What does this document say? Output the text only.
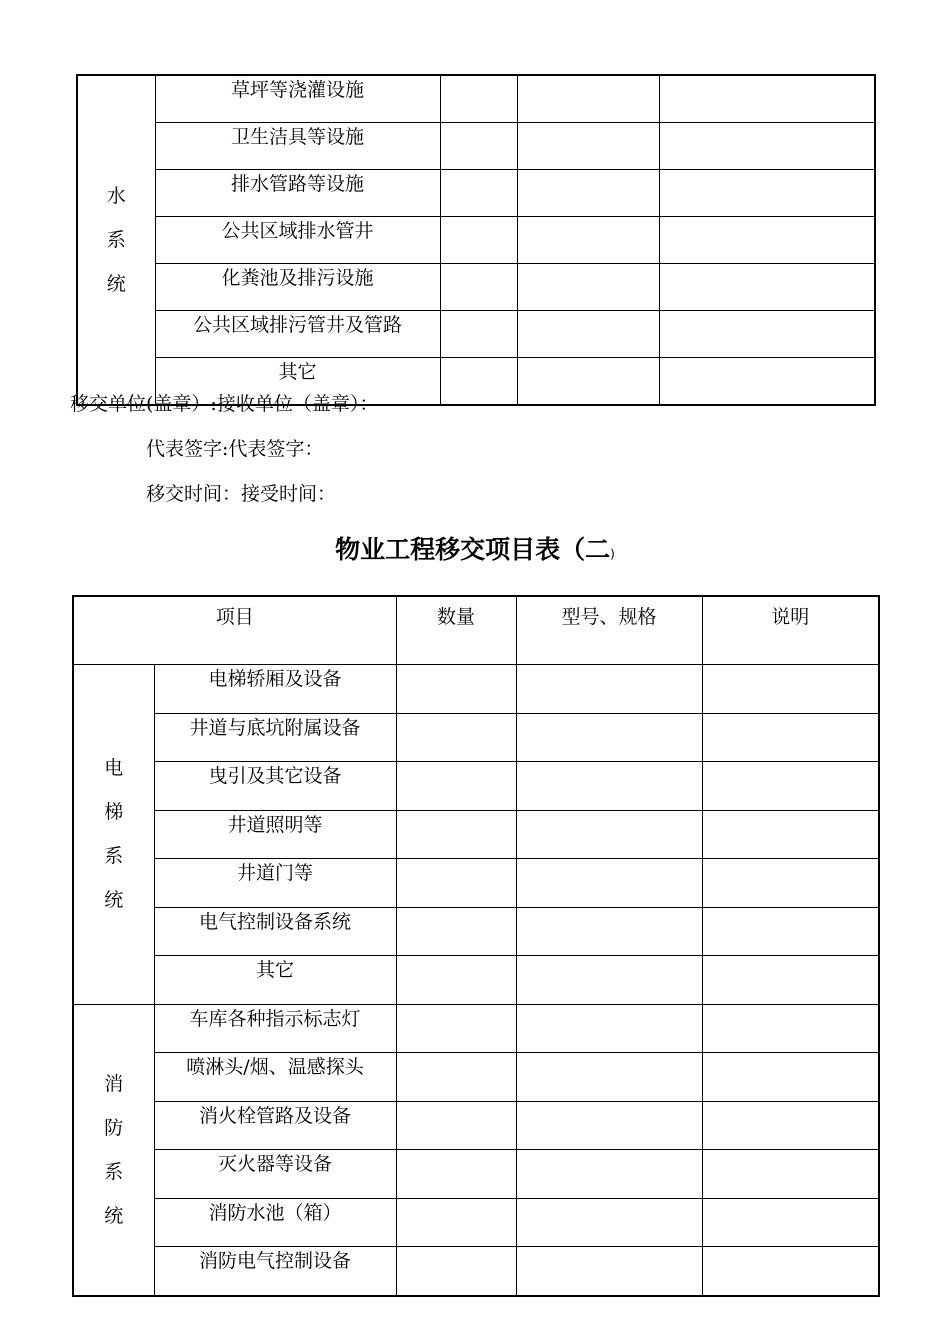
水
系
统	草坪等浇灌设施			
	卫生洁具等设施			
	排水管路等设施			
	公共区域排水管井			
	化粪池及排污设施			
	公共区域排污管井及管路			
	其它			
移交单位(盖章）:接收单位（盖章）：
代表签字:代表签字：
移交时间：接受时间：
物业工程移交项目表（二)
项目		数量	型号、规格	说明

电
梯
系
统	电梯轿厢及设备			
	井道与底坑附属设备			
	曳引及其它设备			
	井道照明等			
	井道门等			
	电气控制设备系统			
	其它			

消
防
系
统	车库各种指示标志灯			
	喷淋头/烟、温感探头			
	消火栓管路及设备			
	灭火器等设备			
	消防水池（箱）			
	消防电气控制设备			
